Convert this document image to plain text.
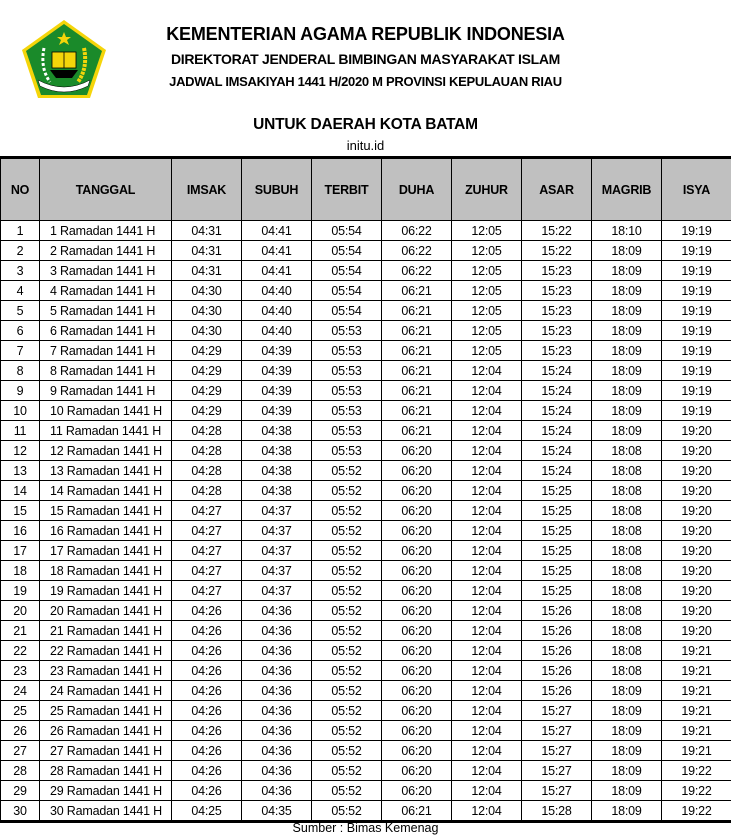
KEMENTERIAN AGAMA REPUBLIK INDONESIA
DIREKTORAT JENDERAL BIMBINGAN MASYARAKAT ISLAM
JADWAL IMSAKIYAH 1441 H/2020 M PROVINSI KEPULAUAN RIAU
UNTUK DAERAH KOTA BATAM
initu.id
NO	TANGGAL	IMSAK	SUBUH	TERBIT	DUHA	ZUHUR	ASAR	MAGRIB	ISYA
1	1 Ramadan 1441 H	04:31	04:41	05:54	06:22	12:05	15:22	18:10	19:19
2	2 Ramadan 1441 H	04:31	04:41	05:54	06:22	12:05	15:22	18:09	19:19
3	3 Ramadan 1441 H	04:31	04:41	05:54	06:22	12:05	15:23	18:09	19:19
4	4 Ramadan 1441 H	04:30	04:40	05:54	06:21	12:05	15:23	18:09	19:19
5	5 Ramadan 1441 H	04:30	04:40	05:54	06:21	12:05	15:23	18:09	19:19
6	6 Ramadan 1441 H	04:30	04:40	05:53	06:21	12:05	15:23	18:09	19:19
7	7 Ramadan 1441 H	04:29	04:39	05:53	06:21	12:05	15:23	18:09	19:19
8	8 Ramadan 1441 H	04:29	04:39	05:53	06:21	12:04	15:24	18:09	19:19
9	9 Ramadan 1441 H	04:29	04:39	05:53	06:21	12:04	15:24	18:09	19:19
10	10 Ramadan 1441 H	04:29	04:39	05:53	06:21	12:04	15:24	18:09	19:19
11	11 Ramadan 1441 H	04:28	04:38	05:53	06:21	12:04	15:24	18:09	19:20
12	12 Ramadan 1441 H	04:28	04:38	05:53	06:20	12:04	15:24	18:08	19:20
13	13 Ramadan 1441 H	04:28	04:38	05:52	06:20	12:04	15:24	18:08	19:20
14	14 Ramadan 1441 H	04:28	04:38	05:52	06:20	12:04	15:25	18:08	19:20
15	15 Ramadan 1441 H	04:27	04:37	05:52	06:20	12:04	15:25	18:08	19:20
16	16 Ramadan 1441 H	04:27	04:37	05:52	06:20	12:04	15:25	18:08	19:20
17	17 Ramadan 1441 H	04:27	04:37	05:52	06:20	12:04	15:25	18:08	19:20
18	18 Ramadan 1441 H	04:27	04:37	05:52	06:20	12:04	15:25	18:08	19:20
19	19 Ramadan 1441 H	04:27	04:37	05:52	06:20	12:04	15:25	18:08	19:20
20	20 Ramadan 1441 H	04:26	04:36	05:52	06:20	12:04	15:26	18:08	19:20
21	21 Ramadan 1441 H	04:26	04:36	05:52	06:20	12:04	15:26	18:08	19:20
22	22 Ramadan 1441 H	04:26	04:36	05:52	06:20	12:04	15:26	18:08	19:21
23	23 Ramadan 1441 H	04:26	04:36	05:52	06:20	12:04	15:26	18:08	19:21
24	24 Ramadan 1441 H	04:26	04:36	05:52	06:20	12:04	15:26	18:09	19:21
25	25 Ramadan 1441 H	04:26	04:36	05:52	06:20	12:04	15:27	18:09	19:21
26	26 Ramadan 1441 H	04:26	04:36	05:52	06:20	12:04	15:27	18:09	19:21
27	27 Ramadan 1441 H	04:26	04:36	05:52	06:20	12:04	15:27	18:09	19:21
28	28 Ramadan 1441 H	04:26	04:36	05:52	06:20	12:04	15:27	18:09	19:22
29	29 Ramadan 1441 H	04:26	04:36	05:52	06:20	12:04	15:27	18:09	19:22
30	30 Ramadan 1441 H	04:25	04:35	05:52	06:21	12:04	15:28	18:09	19:22
Sumber : Bimas Kemenag
